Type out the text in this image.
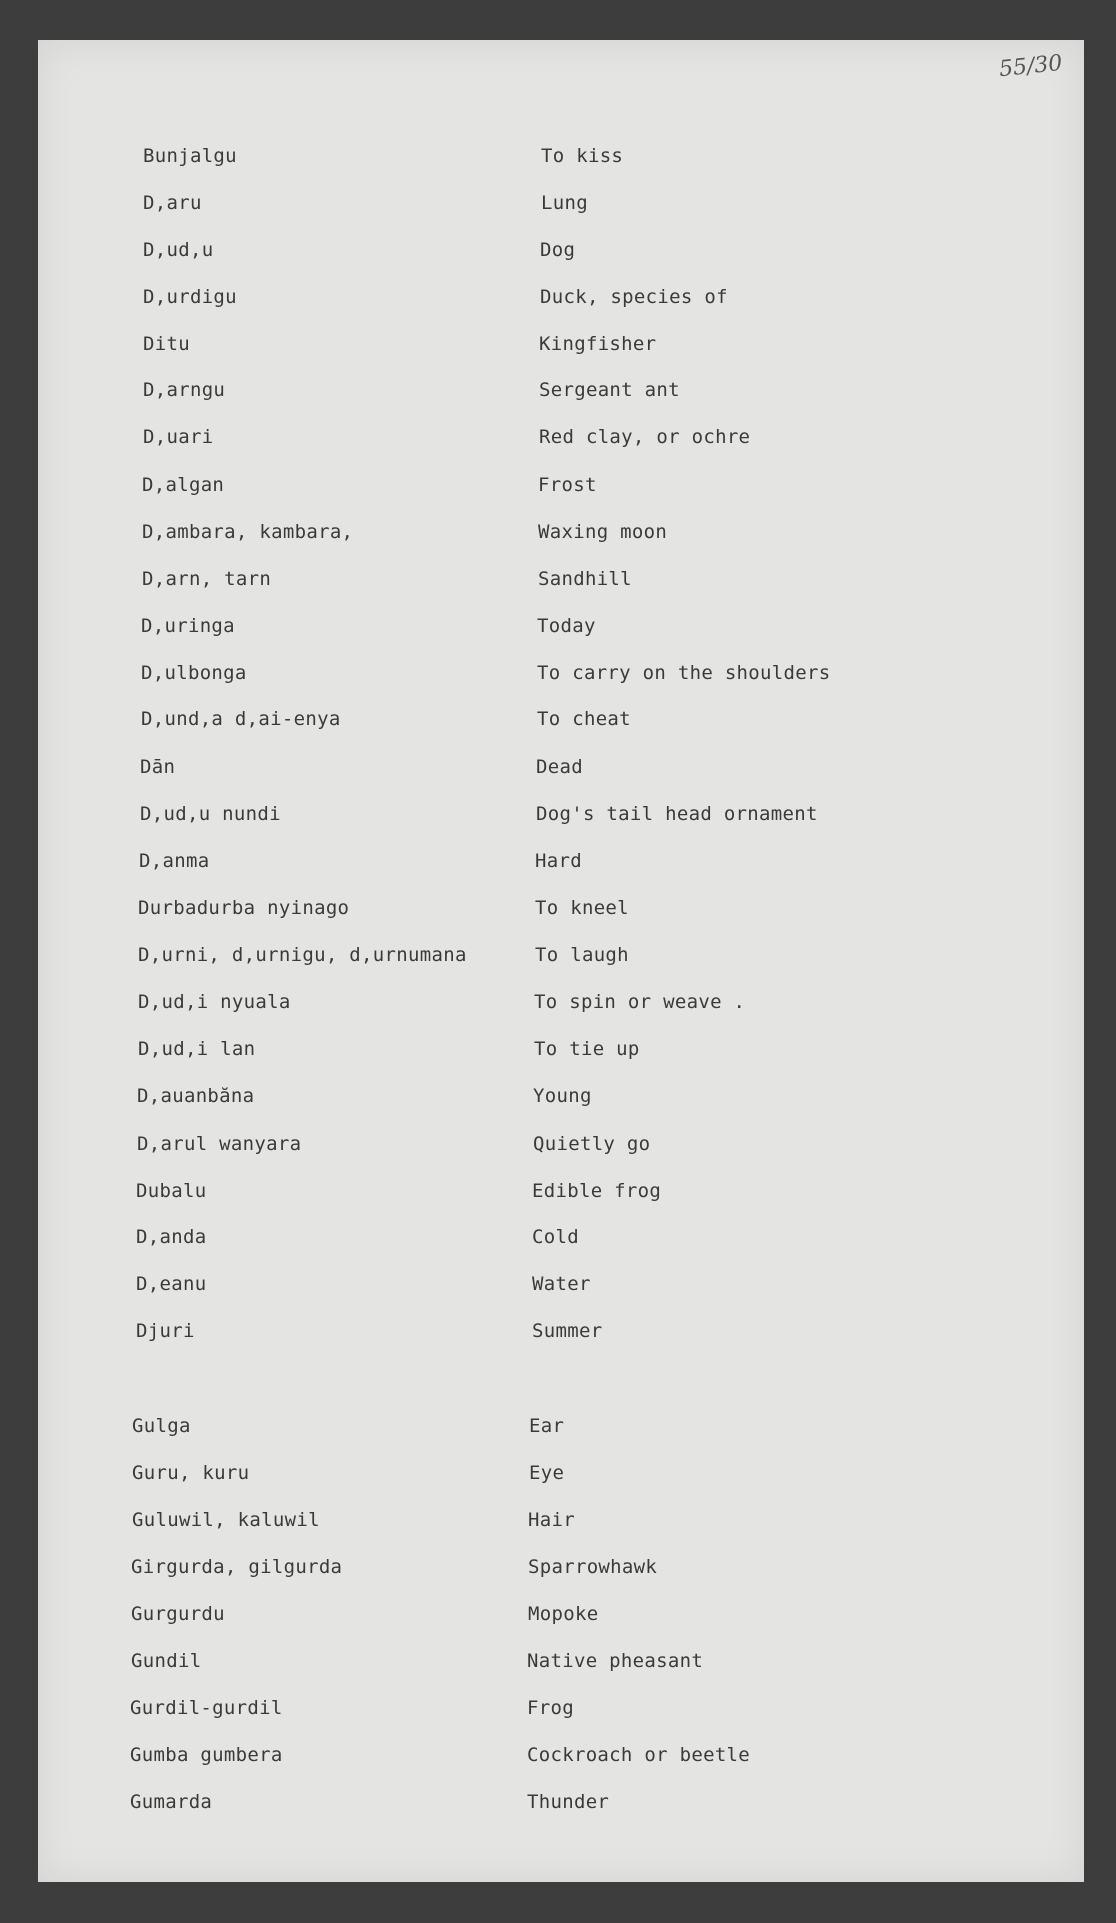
55/30
Bunjalgu	To kiss
D,aru	Lung
D,ud,u	Dog
D,urdigu	Duck, species of
Ditu	Kingfisher
D,arngu	Sergeant ant
D,uari	Red clay, or ochre
D,algan	Frost
D,ambara, kambara,	Waxing moon
D,arn, tarn	Sandhill
D,uringa	Today
D,ulbonga	To carry on the shoulders
D,und,a d,ai-enya	To cheat
Dān	Dead
D,ud,u nundi	Dog's tail head ornament
D,anma	Hard
Durbadurba nyinago	To kneel
D,urni, d,urnigu, d,urnumana	To laugh
D,ud,i nyuala	To spin or weave .
D,ud,i lan	To tie up
D,auanbăna	Young
D,arul wanyara	Quietly go
Dubalu	Edible frog
D,anda	Cold
D,eanu	Water
Djuri	Summer
Gulga	Ear
Guru, kuru	Eye
Guluwil, kaluwil	Hair
Girgurda, gilgurda	Sparrowhawk
Gurgurdu	Mopoke
Gundil	Native pheasant
Gurdil-gurdil	Frog
Gumba gumbera	Cockroach or beetle
Gumarda	Thunder
